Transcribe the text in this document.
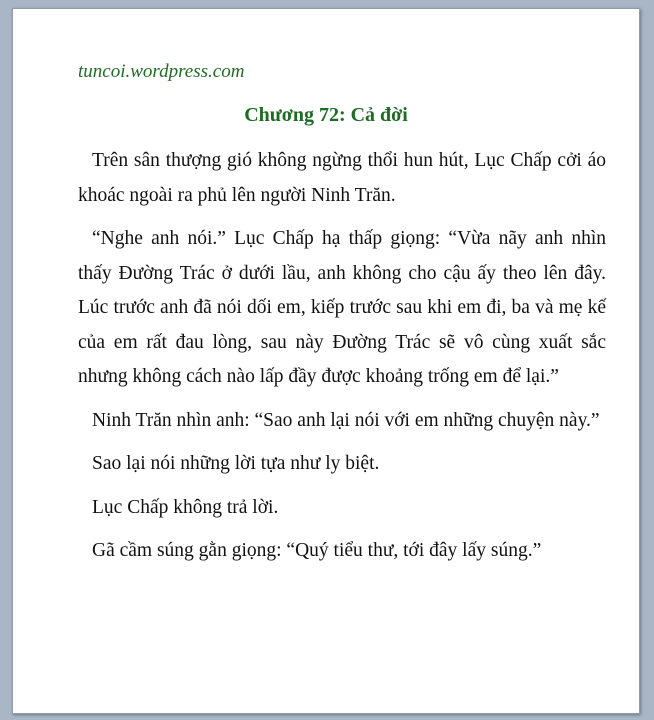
tuncoi.wordpress.com
Chương 72: Cả đời

Trên sân thượng gió không ngừng thổi hun hút, Lục Chấp cởi áo khoác ngoài ra phủ lên người Ninh Trăn.

“Nghe anh nói.” Lục Chấp hạ thấp giọng: “Vừa nãy anh nhìn thấy Đường Trác ở dưới lầu, anh không cho cậu ấy theo lên đây. Lúc trước anh đã nói dối em, kiếp trước sau khi em đi, ba và mẹ kế của em rất đau lòng, sau này Đường Trác sẽ vô cùng xuất sắc nhưng không cách nào lấp đầy được khoảng trống em để lại.”

Ninh Trăn nhìn anh: “Sao anh lại nói với em những chuyện này.”

Sao lại nói những lời tựa như ly biệt.

Lục Chấp không trả lời.

Gã cầm súng gằn giọng: “Quý tiểu thư, tới đây lấy súng.”
